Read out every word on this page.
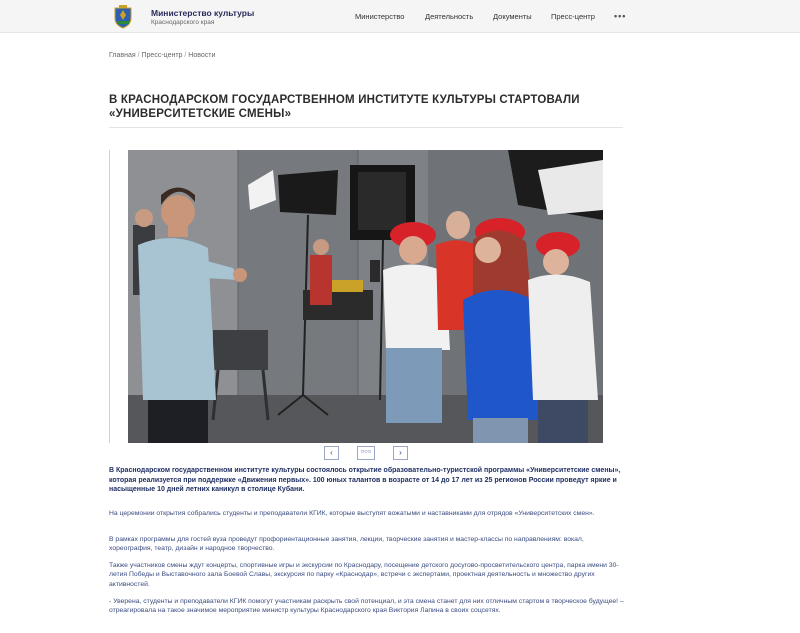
Министерство культуры
Краснодарского края
Министерство	Деятельность	Документы	Пресс-центр •••
Главная / Пресс-центр / Новости
В КРАСНОДАРСКОМ ГОСУДАРСТВЕННОМ ИНСТИТУТЕ КУЛЬТУРЫ СТАРТОВАЛИ «УНИВЕРСИТЕТСКИЕ СМЕНЫ»
‹	○○○	›

В Краснодарском государственном институте культуры состоялось открытие образовательно-туристской программы «Университетские смены», которая реализуется при поддержке «Движения первых». 100 юных талантов в возрасте от 14 до 17 лет из 25 регионов России проведут яркие и насыщенные 10 дней летних каникул в столице Кубани.

На церемонии открытия собрались студенты и преподаватели КГИК, которые выступят вожатыми и наставниками для отрядов «Университетских смен».

В рамках программы для гостей вуза проведут профориентационные занятия, лекции, творческие занятия и мастер-классы по направлениям: вокал, хореография, театр, дизайн и народное творчество.

Также участников смены ждут концерты, спортивные игры и экскурсии по Краснодару, посещение детского досугово-просветительского центра, парка имени 30-летия Победы и Выставочного зала Боевой Славы, экскурсия по парку «Краснодар», встречи с экспертами, проектная деятельность и множество других активностей.

- Уверена, студенты и преподаватели КГИК помогут участникам раскрыть свой потенциал, и эта смена станет для них отличным стартом в творческое будущее! – отреагировала на такое значимое мероприятие министр культуры Краснодарского края Виктория Лапина в своих соцсетях.
